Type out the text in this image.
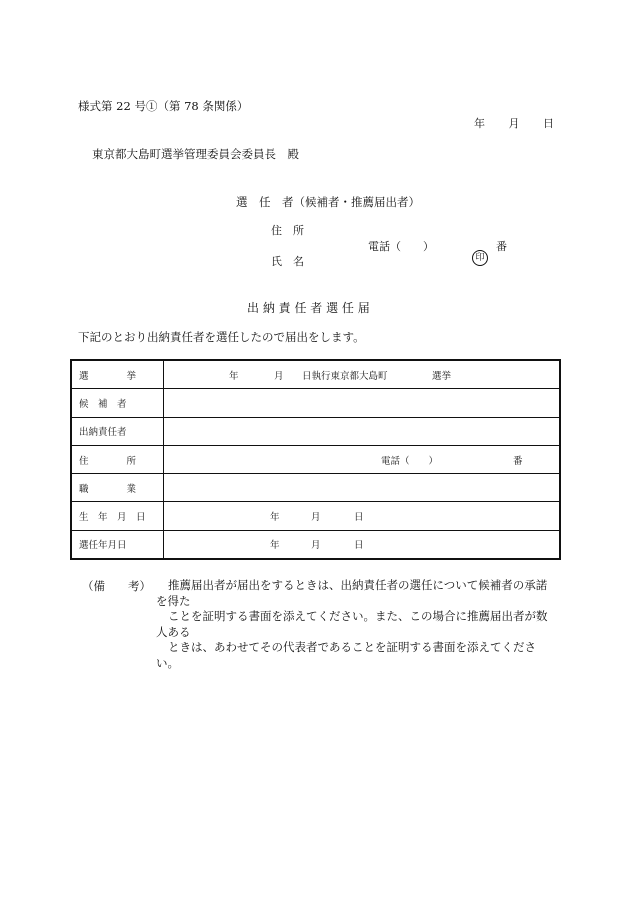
様式第 22 号①（第 78 条関係）
年 月 日
東京都大島町選挙管理委員会委員長　殿
選　任　者（候補者・推薦届出者）
住　所
電話（　　）	番
氏　名	印
出 納 責 任 者 選 任 届
下記のとおり出納責任者を選任したので届出をします。
選　　　　挙	年 月 日執行東京都大島町 選挙

候　補　者	
出納責任者	
住　　　　所	電話（　　） 番

職　　　　業	
生　年　月　日	年 月 日

選任年月日	年 月 日
（備　　考）	推薦届出者が届出をするときは、出納責任者の選任について候補者の承諾を得た

ことを証明する書面を添えてください。また、この場合に推薦届出者が数人ある

ときは、あわせてその代表者であることを証明する書面を添えてください。
